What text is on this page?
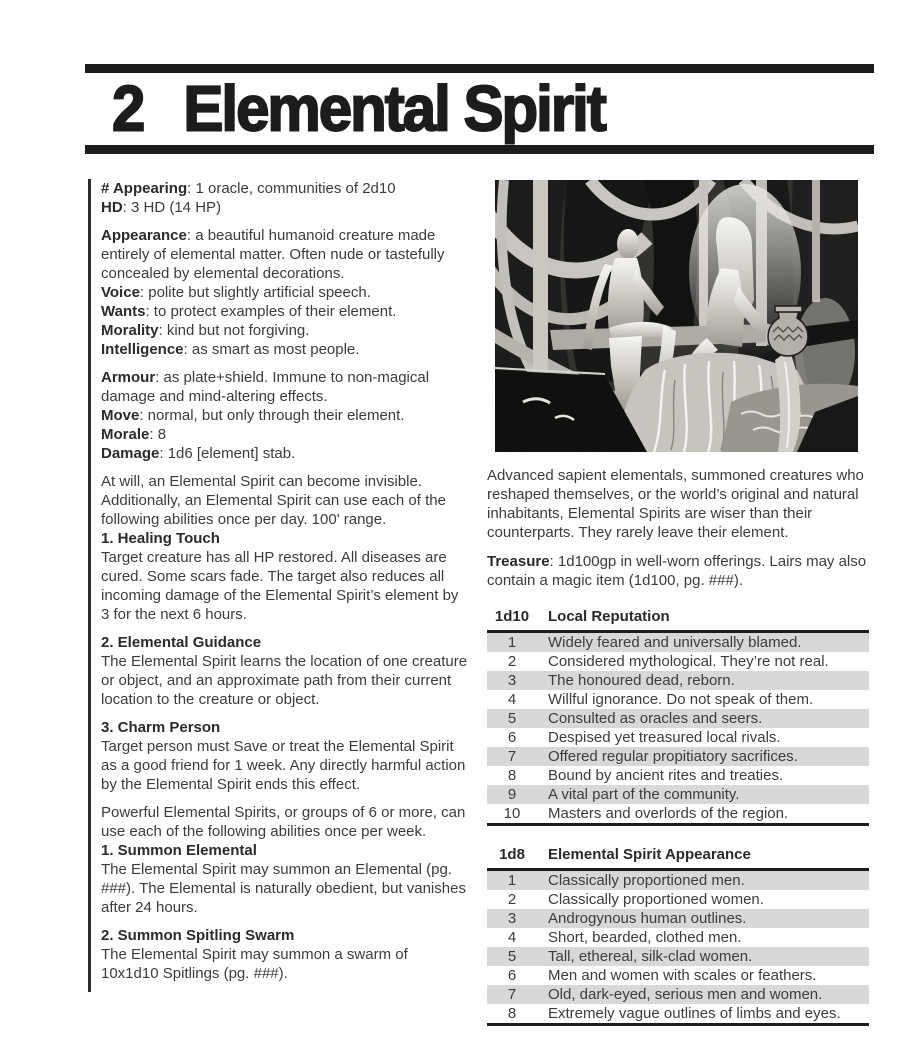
2 Elemental Spirit

# Appearing: 1 oracle, communities of 2d10

HD: 3 HD (14 HP)

Appearance: a beautiful humanoid creature made entirely of elemental matter. Often nude or tastefully concealed by elemental decorations.

Voice: polite but slightly artificial speech.

Wants: to protect examples of their element.

Morality: kind but not forgiving.

Intelligence: as smart as most people.

Armour: as plate+shield. Immune to non-magical damage and mind-altering effects.

Move: normal, but only through their element.

Morale: 8

Damage: 1d6 [element] stab.

At will, an Elemental Spirit can become invisible.

Additionally, an Elemental Spirit can use each of the following abilities once per day. 100' range.

1. Healing Touch

Target creature has all HP restored. All diseases are cured. Some scars fade. The target also reduces all incoming damage of the Elemental Spirit’s element by 3 for the next 6 hours.

2. Elemental Guidance

The Elemental Spirit learns the location of one creature or object, and an approximate path from their current location to the creature or object.

3. Charm Person

Target person must Save or treat the Elemental Spirit as a good friend for 1 week. Any directly harmful action by the Elemental Spirit ends this effect.

Powerful Elemental Spirits, or groups of 6 or more, can use each of the following abilities once per week.

1. Summon Elemental

The Elemental Spirit may summon an Elemental (pg. ###). The Elemental is naturally obedient, but vanishes after 24 hours.

2. Summon Spitling Swarm

The Elemental Spirit may summon a swarm of 10x1d10 Spitlings (pg. ###).

Advanced sapient elementals, summoned creatures who reshaped themselves, or the world’s original and natural inhabitants, Elemental Spirits are wiser than their counterparts. They rarely leave their element.

Treasure: 1d100gp in well-worn offerings. Lairs may also contain a magic item (1d100, pg. ###).

1d10	Local Reputation
1	Widely feared and universally blamed.
2	Considered mythological. They’re not real.
3	The honoured dead, reborn.
4	Willful ignorance. Do not speak of them.
5	Consulted as oracles and seers.
6	Despised yet treasured local rivals.
7	Offered regular propitiatory sacrifices.
8	Bound by ancient rites and treaties.
9	A vital part of the community.
10	Masters and overlords of the region.
1d8	Elemental Spirit Appearance
1	Classically proportioned men.
2	Classically proportioned women.
3	Androgynous human outlines.
4	Short, bearded, clothed men.
5	Tall, ethereal, silk-clad women.
6	Men and women with scales or feathers.
7	Old, dark-eyed, serious men and women.
8	Extremely vague outlines of limbs and eyes.
